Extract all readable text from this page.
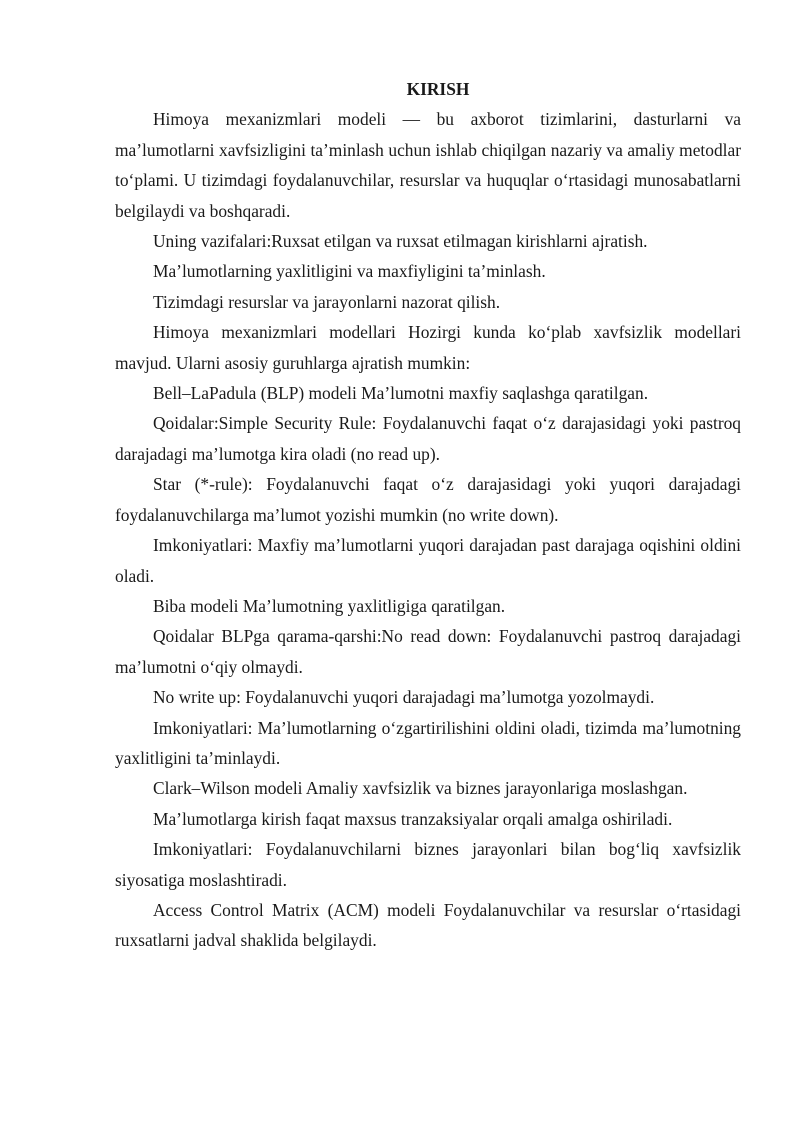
KIRISH

Himoya mexanizmlari modeli — bu axborot tizimlarini, dasturlarni va ma’lumotlarni xavfsizligini ta’minlash uchun ishlab chiqilgan nazariy va amaliy metodlar to‘plami. U tizimdagi foydalanuvchilar, resurslar va huquqlar o‘rtasidagi munosabatlarni belgilaydi va boshqaradi.

Uning vazifalari:Ruxsat etilgan va ruxsat etilmagan kirishlarni ajratish.

Ma’lumotlarning yaxlitligini va maxfiyligini ta’minlash.

Tizimdagi resurslar va jarayonlarni nazorat qilish.

Himoya mexanizmlari modellari Hozirgi kunda ko‘plab xavfsizlik modellari mavjud. Ularni asosiy guruhlarga ajratish mumkin:

Bell–LaPadula (BLP) modeli Ma’lumotni maxfiy saqlashga qaratilgan.

Qoidalar:Simple Security Rule: Foydalanuvchi faqat o‘z darajasidagi yoki pastroq darajadagi ma’lumotga kira oladi (no read up).

Star (*-rule): Foydalanuvchi faqat o‘z darajasidagi yoki yuqori darajadagi foydalanuvchilarga ma’lumot yozishi mumkin (no write down).

Imkoniyatlari: Maxfiy ma’lumotlarni yuqori darajadan past darajaga oqishini oldini oladi.

Biba modeli Ma’lumotning yaxlitligiga qaratilgan.

Qoidalar BLPga qarama-qarshi:No read down: Foydalanuvchi pastroq darajadagi ma’lumotni o‘qiy olmaydi.

No write up: Foydalanuvchi yuqori darajadagi ma’lumotga yozolmaydi.

Imkoniyatlari: Ma’lumotlarning o‘zgartirilishini oldini oladi, tizimda ma’lumotning yaxlitligini ta’minlaydi.

Clark–Wilson modeli Amaliy xavfsizlik va biznes jarayonlariga moslashgan.

Ma’lumotlarga kirish faqat maxsus tranzaksiyalar orqali amalga oshiriladi.

Imkoniyatlari: Foydalanuvchilarni biznes jarayonlari bilan bog‘liq xavfsizlik siyosatiga moslashtiradi.

Access Control Matrix (ACM) modeli Foydalanuvchilar va resurslar o‘rtasidagi ruxsatlarni jadval shaklida belgilaydi.
